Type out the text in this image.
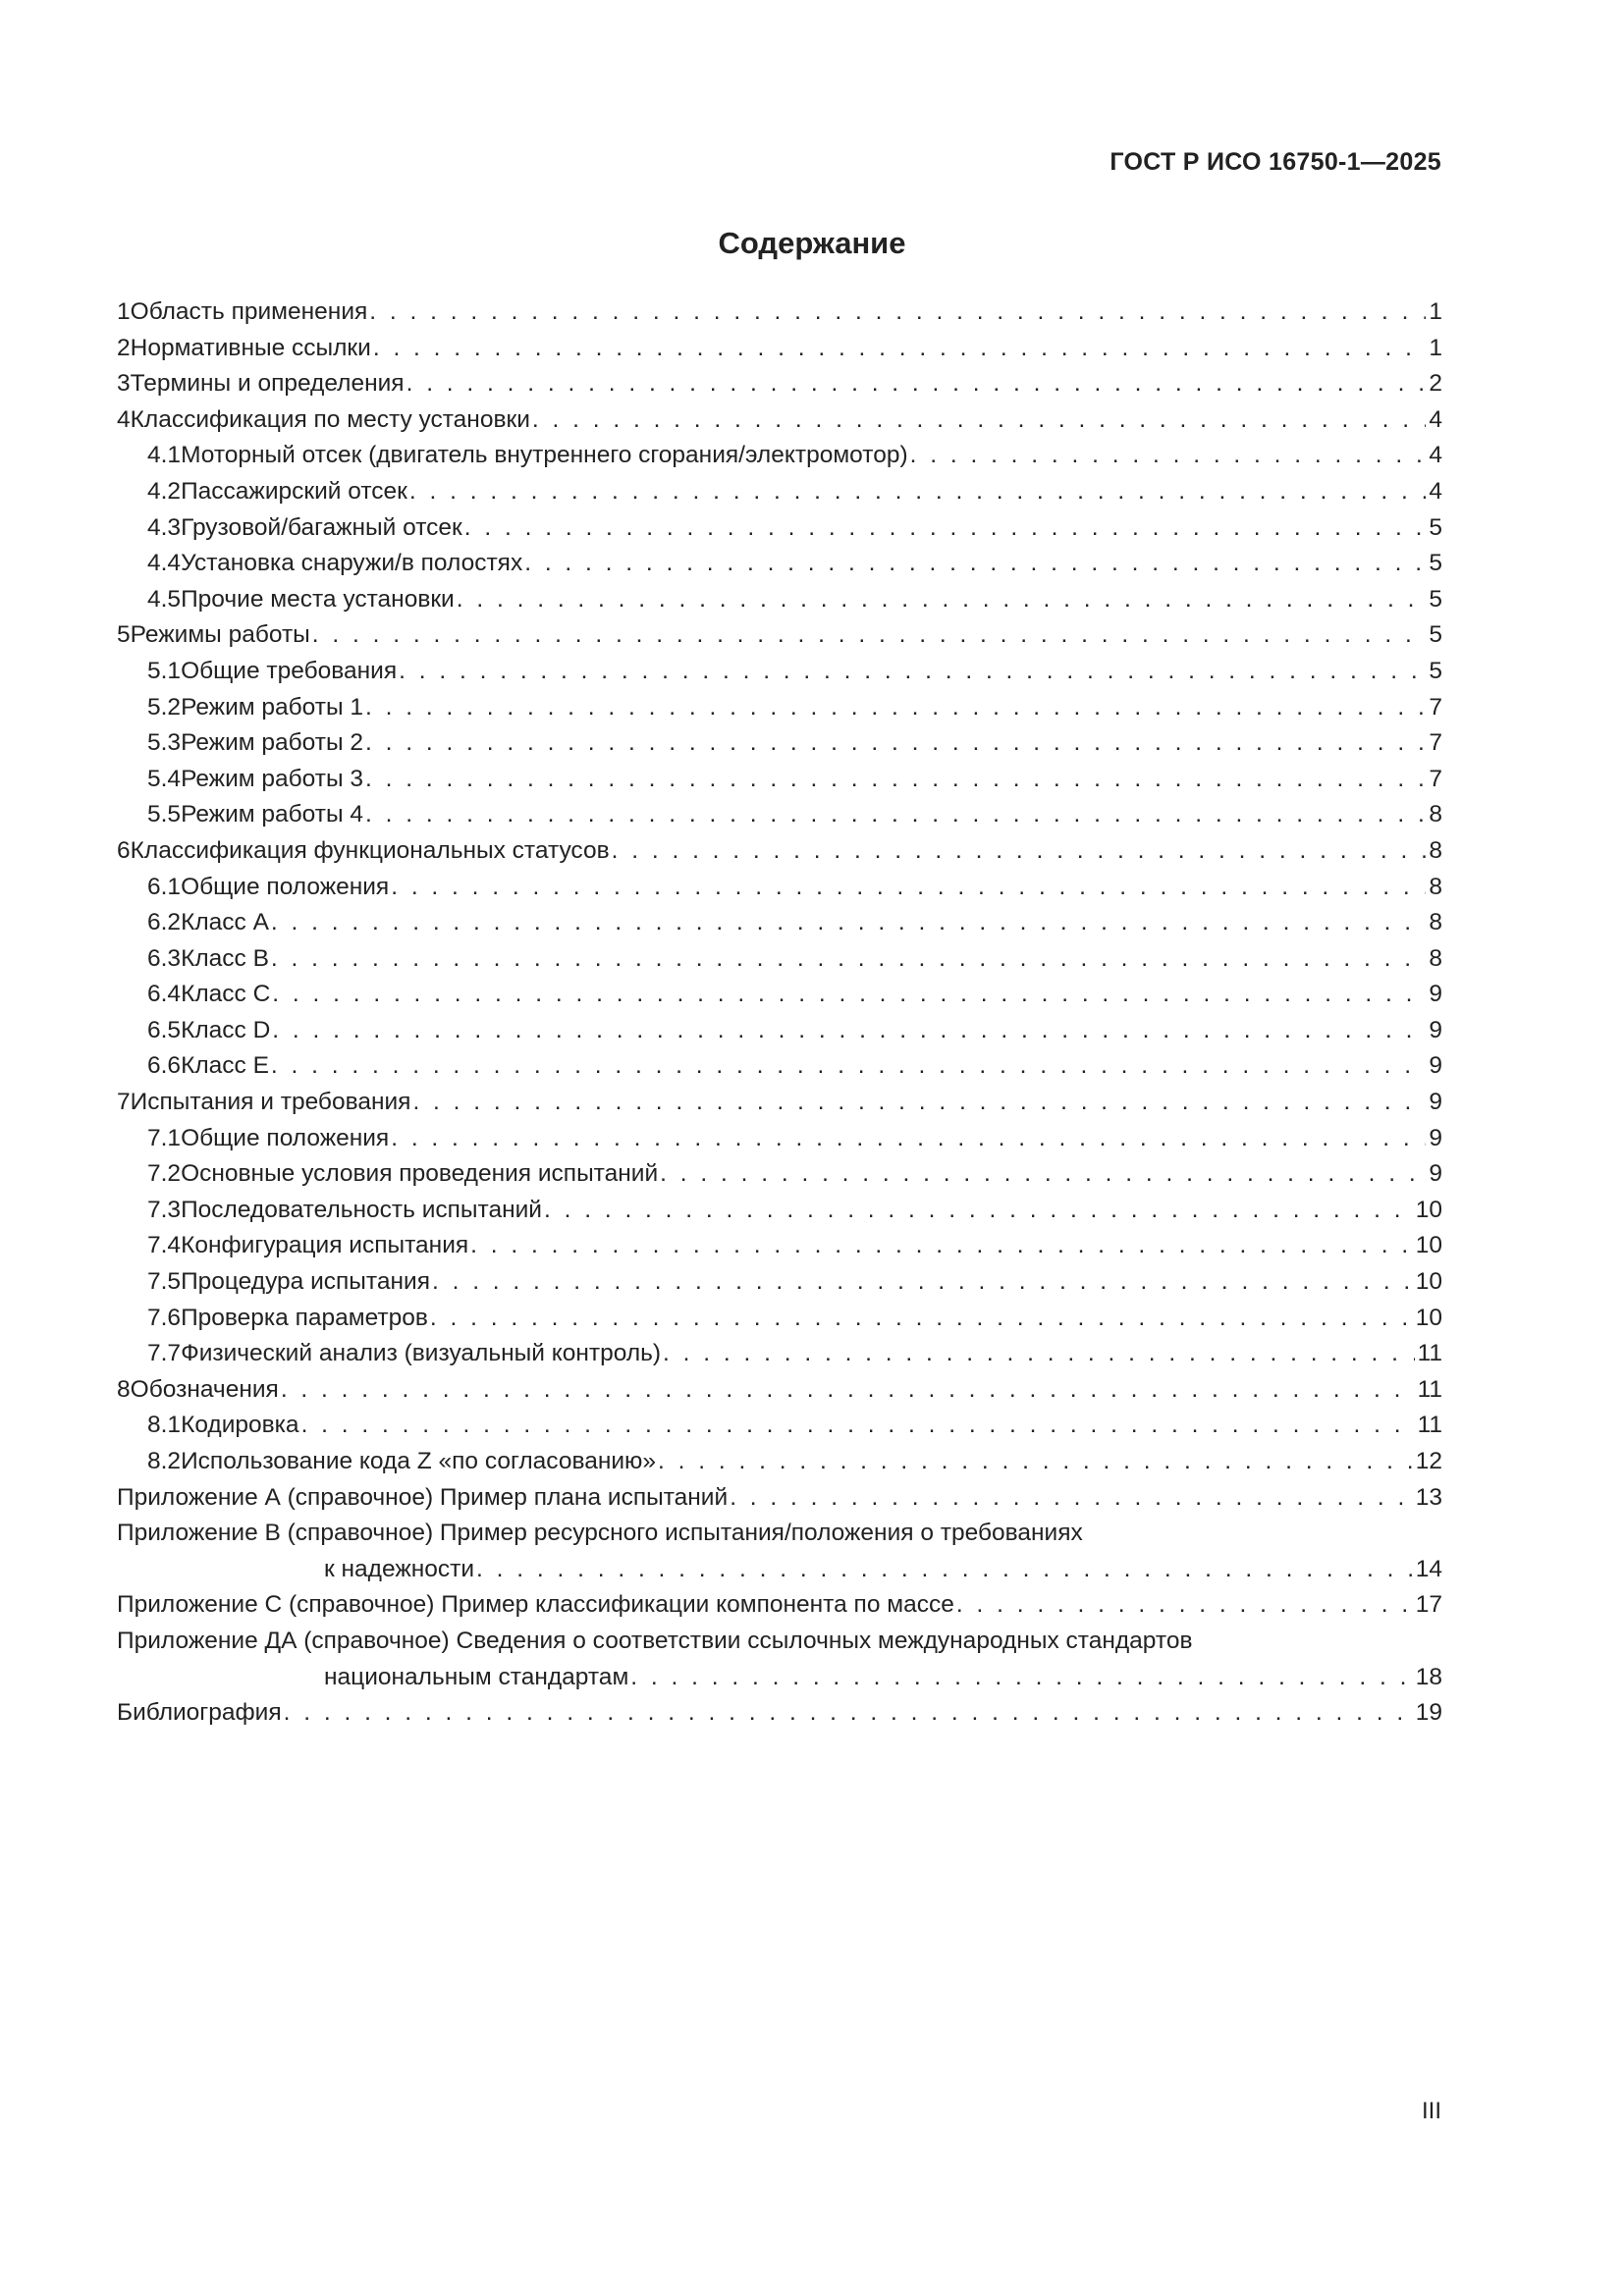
ГОСТ Р ИСО 16750-1—2025
Содержание
1 Область применения . . .	1
2 Нормативные ссылки . . .	1
3 Термины и определения . . .	2
4 Классификация по месту установки . . .	4
4.1 Моторный отсек (двигатель внутреннего сгорания/электромотор) . . .	4
4.2 Пассажирский отсек . . .	4
4.3 Грузовой/багажный отсек . . .	5
4.4 Установка снаружи/в полостях . . .	5
4.5 Прочие места установки . . .	5
5 Режимы работы . . .	5
5.1 Общие требования . . .	5
5.2 Режим работы 1 . . .	7
5.3 Режим работы 2 . . .	7
5.4 Режим работы 3 . . .	7
5.5 Режим работы 4 . . .	8
6 Классификация функциональных статусов . . .	8
6.1 Общие положения . . .	8
6.2 Класс A . . .	8
6.3 Класс B . . .	8
6.4 Класс C . . .	9
6.5 Класс D . . .	9
6.6 Класс E . . .	9
7 Испытания и требования . . .	9
7.1 Общие положения . . .	9
7.2 Основные условия проведения испытаний . . .	9
7.3 Последовательность испытаний . . .	10
7.4 Конфигурация испытания . . .	10
7.5 Процедура испытания . . .	10
7.6 Проверка параметров . . .	10
7.7 Физический анализ (визуальный контроль) . . .	11
8 Обозначения . . .	11
8.1 Кодировка . . .	11
8.2 Использование кода Z «по согласованию» . . .	12
Приложение А (справочное) Пример плана испытаний . . .	13
Приложение В (справочное) Пример ресурсного испытания/положения о требованиях
к надежности . . .	14
Приложение С (справочное) Пример классификации компонента по массе . . .	17
Приложение ДА (справочное) Сведения о соответствии ссылочных международных стандартов
национальным стандартам . . .	18
Библиография . . .	19
III
